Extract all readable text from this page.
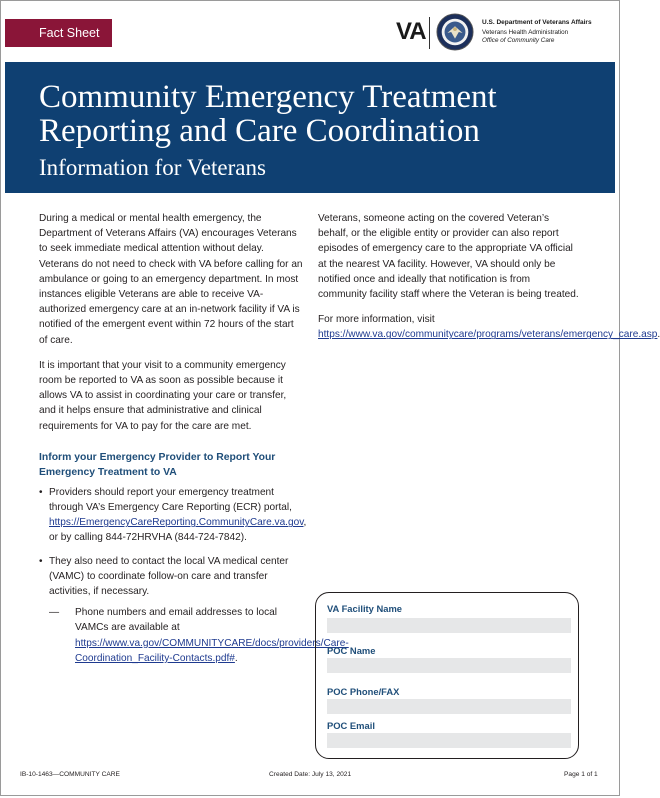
Fact Sheet	VA	U.S. Department of Veterans Affairs
Veterans Health Administration
Office of Community Care
Community Emergency Treatment
Reporting and Care Coordination
Information for Veterans

During a medical or mental health emergency, the Department of Veterans Affairs (VA) encourages Veterans to seek immediate medical attention without delay. Veterans do not need to check with VA before calling for an ambulance or going to an emergency department. In most instances eligible Veterans are able to receive VA-authorized emergency care at an in-network facility if VA is notified of the emergent event within 72 hours of the start of care.

It is important that your visit to a community emergency room be reported to VA as soon as possible because it allows VA to assist in coordinating your care or transfer, and it helps ensure that administrative and clinical requirements for VA to pay for the care are met.

Inform your Emergency Provider to Report Your Emergency Treatment to VA
• Providers should report your emergency treatment through VA’s Emergency Care Reporting (ECR) portal, https://EmergencyCareReporting.CommunityCare.va.gov, or by calling 844-72HRVHA (844-724-7842).
• They also need to contact the local VA medical center (VAMC) to coordinate follow-on care and transfer activities, if necessary.
— Phone numbers and email addresses to local VAMCs are available at https://www.va.gov/COMMUNITYCARE/docs/providers/Care-Coordination_Facility-Contacts.pdf#.

Veterans, someone acting on the covered Veteran’s behalf, or the eligible entity or provider can also report episodes of emergency care to the appropriate VA official at the nearest VA facility. However, VA should only be notified once and ideally that notification is from community facility staff where the Veteran is being treated.

For more information, visit https://www.va.gov/communitycare/programs/veterans/emergency_care.asp.

VA Facility Name
POC Name
POC Phone/FAX
POC Email
IB-10-1463—COMMUNITY CARE	Created Date: July 13, 2021	Page 1 of 1
